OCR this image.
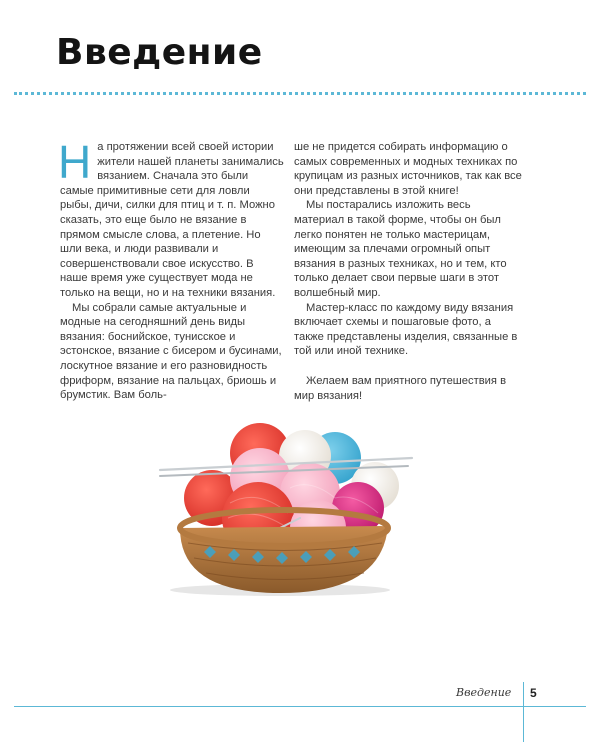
Введение

На протяжении всей своей истории жители нашей планеты занимались вязанием. Сначала это были самые примитивные сети для ловли рыбы, дичи, силки для птиц и т. п. Можно сказать, это еще было не вязание в прямом смысле слова, а плетение. Но шли века, и люди развивали и совершенствовали свое искусство. В наше время уже существует мода не только на вещи, но и на техники вязания.

Мы собрали самые актуальные и модные на сегодняшний день виды вязания: боснийское, тунисское и эстонское, вязание с бисером и бусинами, лоскутное вязание и его разновидность фриформ, вязание на пальцах, бриошь и брумстик. Вам боль-

ше не придется собирать информацию о самых современных и модных техниках по крупицам из разных источников, так как все они представлены в этой книге!

Мы постарались изложить весь материал в такой форме, чтобы он был легко понятен не только мастерицам, имеющим за плечами огромный опыт вязания в разных техниках, но и тем, кто только делает свои первые шаги в этот волшебный мир.

Мастер-класс по каждому виду вязания включает схемы и пошаговые фото, а также представлены изделия, связанные в той или иной технике.

Желаем вам приятного путешествия в мир вязания!

Введение 5
